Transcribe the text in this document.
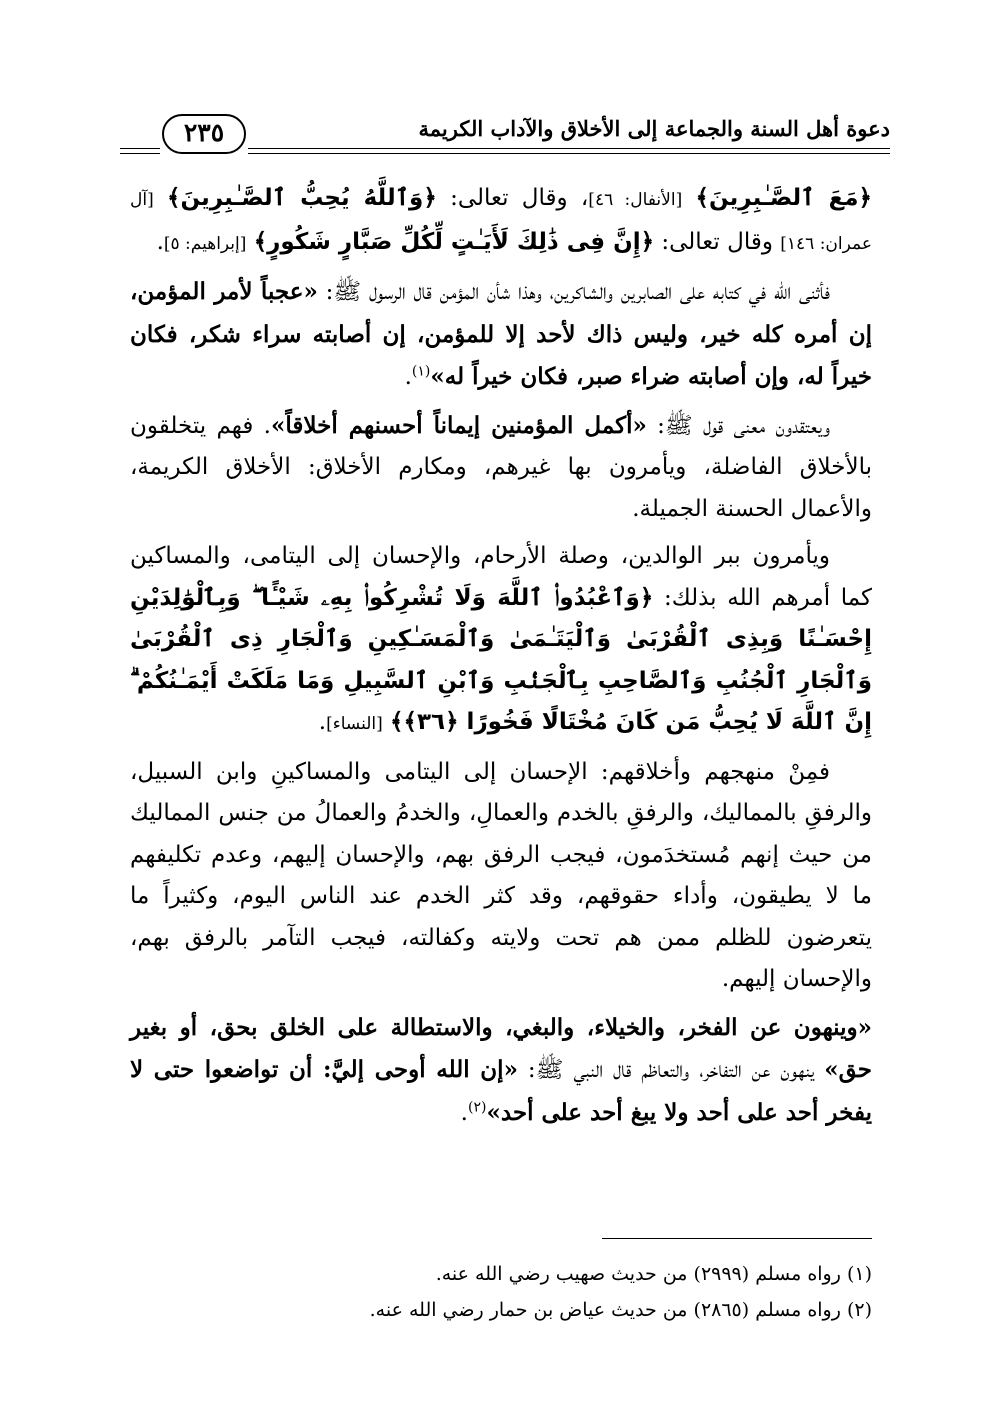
دعوة أهل السنة والجماعة إلى الأخلاق والآداب الكريمة
٢٣٥

﴿مَعَ ٱلصَّـٰبِرِينَ﴾ [الأنفال: ٤٦]، وقال تعالى: ﴿وَٱللَّهُ يُحِبُّ ٱلصَّـٰبِرِينَ﴾ [آل عمران: ١٤٦] وقال تعالى: ﴿إِنَّ فِى ذَٰلِكَ لَأَيَـٰتٍ لِّكُلِّ صَبَّارٍ شَكُورٍ﴾ [إبراهيم: ٥].

فأثنى الله في كتابه على الصابرين والشاكرين، وهذا شأن المؤمن قال الرسول ﷺ: «عجباً لأمر المؤمن، إن أمره كله خير، وليس ذاك لأحد إلا للمؤمن، إن أصابته سراء شكر، فكان خيراً له، وإن أصابته ضراء صبر، فكان خيراً له»$^{(١)}$.

ويعتقدون معنى قول ﷺ: «أكمل المؤمنين إيماناً أحسنهم أخلاقاً». فهم يتخلقون بالأخلاق الفاضلة، ويأمرون بها غيرهم، ومكارم الأخلاق: الأخلاق الكريمة، والأعمال الحسنة الجميلة.

ويأمرون ببر الوالدين، وصلة الأرحام، والإحسان إلى اليتامى، والمساكين كما أمرهم الله بذلك: ﴿وَٱعْبُدُوا۟ ٱللَّهَ وَلَا تُشْرِكُوا۟ بِهِۦ شَيْـًٔا ۖ وَبِٱلْوَٰلِدَيْنِ إِحْسَـٰنًا وَبِذِى ٱلْقُرْبَىٰ وَٱلْيَتَـٰمَىٰ وَٱلْمَسَـٰكِينِ وَٱلْجَارِ ذِى ٱلْقُرْبَىٰ وَٱلْجَارِ ٱلْجُنُبِ وَٱلصَّاحِبِ بِٱلْجَنۢبِ وَٱبْنِ ٱلسَّبِيلِ وَمَا مَلَكَتْ أَيْمَـٰنُكُمْ ۗ إِنَّ ٱللَّهَ لَا يُحِبُّ مَن كَانَ مُخْتَالًا فَخُورًا ﴿٣٦﴾﴾ [النساء].

فمِنْ منهجهم وأخلاقهم: الإحسان إلى اليتامى والمساكينِ وابن السبيل، والرفقِ بالمماليك، والرفقِ بالخدم والعمالِ، والخدمُ والعمالُ من جنس المماليك من حيث إنهم مُستخدَمون، فيجب الرفق بهم، والإحسان إليهم، وعدم تكليفهم ما لا يطيقون، وأداء حقوقهم، وقد كثر الخدم عند الناس اليوم، وكثيراً ما يتعرضون للظلم ممن هم تحت ولايته وكفالته، فيجب التآمر بالرفق بهم، والإحسان إليهم.

«وينهون عن الفخر، والخيلاء، والبغي، والاستطالة على الخلق بحق، أو بغير حق» ينهون عن التفاخر، والتعاظم قال النبي ﷺ: «إن الله أوحى إليَّ: أن تواضعوا حتى لا يفخر أحد على أحد ولا يبغ أحد على أحد»$^{(٢)}$.

(١) رواه مسلم (٢٩٩٩) من حديث صهيب رضي الله عنه.

(٢) رواه مسلم (٢٨٦٥) من حديث عياض بن حمار رضي الله عنه.
